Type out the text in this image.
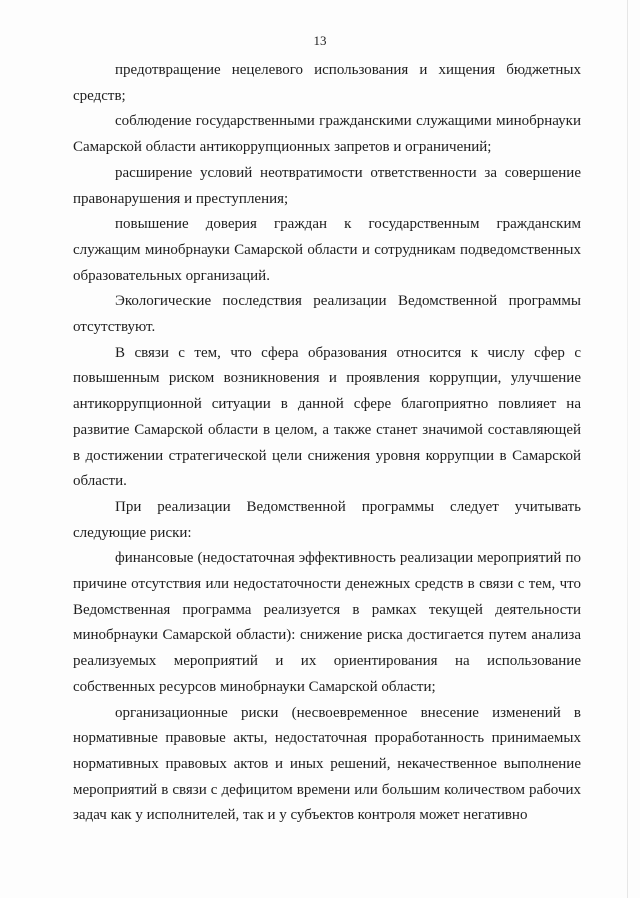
13

предотвращение нецелевого использования и хищения бюджетных средств;

соблюдение государственными гражданскими служащими минобрнауки Самарской области антикоррупционных запретов и ограничений;

расширение условий неотвратимости ответственности за совершение правонарушения и преступления;

повышение доверия граждан к государственным гражданским служащим минобрнауки Самарской области и сотрудникам подведомственных образовательных организаций.

Экологические последствия реализации Ведомственной программы отсутствуют.

В связи с тем, что сфера образования относится к числу сфер с повышенным риском возникновения и проявления коррупции, улучшение антикоррупционной ситуации в данной сфере благоприятно повлияет на развитие Самарской области в целом, а также станет значимой составляющей в достижении стратегической цели снижения уровня коррупции в Самарской области.

При реализации Ведомственной программы следует учитывать следующие риски:

финансовые (недостаточная эффективность реализации мероприятий по причине отсутствия или недостаточности денежных средств в связи с тем, что Ведомственная программа реализуется в рамках текущей деятельности минобрнауки Самарской области): снижение риска достигается путем анализа реализуемых мероприятий и их ориентирования на использование собственных ресурсов минобрнауки Самарской области;

организационные риски (несвоевременное внесение изменений в нормативные правовые акты, недостаточная проработанность принимаемых нормативных правовых актов и иных решений, некачественное выполнение мероприятий в связи с дефицитом времени или большим количеством рабочих задач как у исполнителей, так и у субъектов контроля может негативно
